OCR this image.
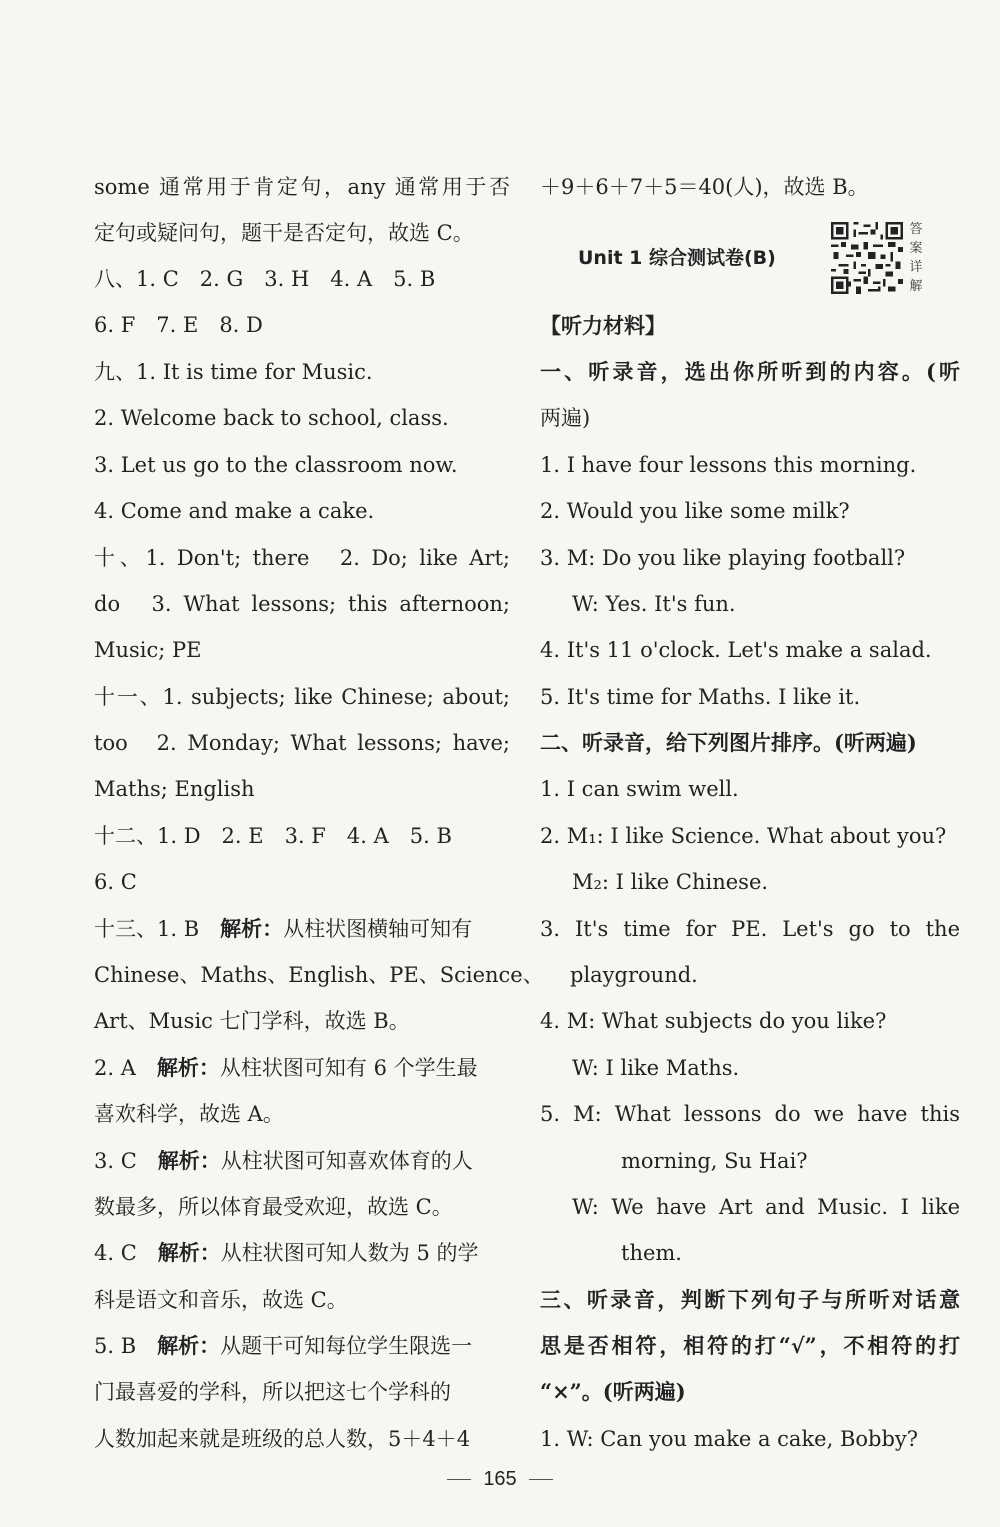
some 通常用于肯定句，any 通常用于否
定句或疑问句，题干是否定句，故选 C。
八、1. C　2. G　3. H　4. A　5. B
6. F　7. E　8. D
九、1. It is time for Music.
2. Welcome back to school, class.
3. Let us go to the classroom now.
4. Come and make a cake.
十、1. Don't; there　2. Do; like Art;
do　3. What lessons; this afternoon;
Music; PE
十一、1. subjects; like Chinese; about;
too　2. Monday; What lessons; have;
Maths; English
十二、1. D　2. E　3. F　4. A　5. B
6. C
十三、1. B　 解析：从柱状图横轴可知有
Chinese、Maths、English、PE、Science、
Art、Music 七门学科，故选 B。
2. A　 解析：从柱状图可知有 6 个学生最
喜欢科学，故选 A。
3. C　 解析：从柱状图可知喜欢体育的人
数最多，所以体育最受欢迎，故选 C。
4. C　 解析：从柱状图可知人数为 5 的学
科是语文和音乐，故选 C。
5. B　 解析：从题干可知每位学生限选一
门最喜爱的学科，所以把这七个学科的
人数加起来就是班级的总人数，5＋4＋4
＋9＋6＋7＋5＝40(人)，故选 B。
Unit 1 综合测试卷(B)
答案详解
【听力材料】
一、听录音，选出你所听到的内容。(听
两遍)
1. I have four lessons this morning.
2. Would you like some milk?
3. M: Do you like playing football?
W: Yes. It's fun.
4. It's 11 o'clock. Let's make a salad.
5. It's time for Maths. I like it.
二、听录音，给下列图片排序。(听两遍)
1. I can swim well.
2. M₁: I like Science. What about you?
M₂: I like Chinese.
3. It's time for PE. Let's go to the
playground.
4. M: What subjects do you like?
W: I like Maths.
5. M: What lessons do we have this
morning, Su Hai?
W: We have Art and Music. I like
them.
三、听录音，判断下列句子与所听对话意
思是否相符，相符的打“√”，不相符的打
“×”。(听两遍)
1. W: Can you make a cake, Bobby?
165
